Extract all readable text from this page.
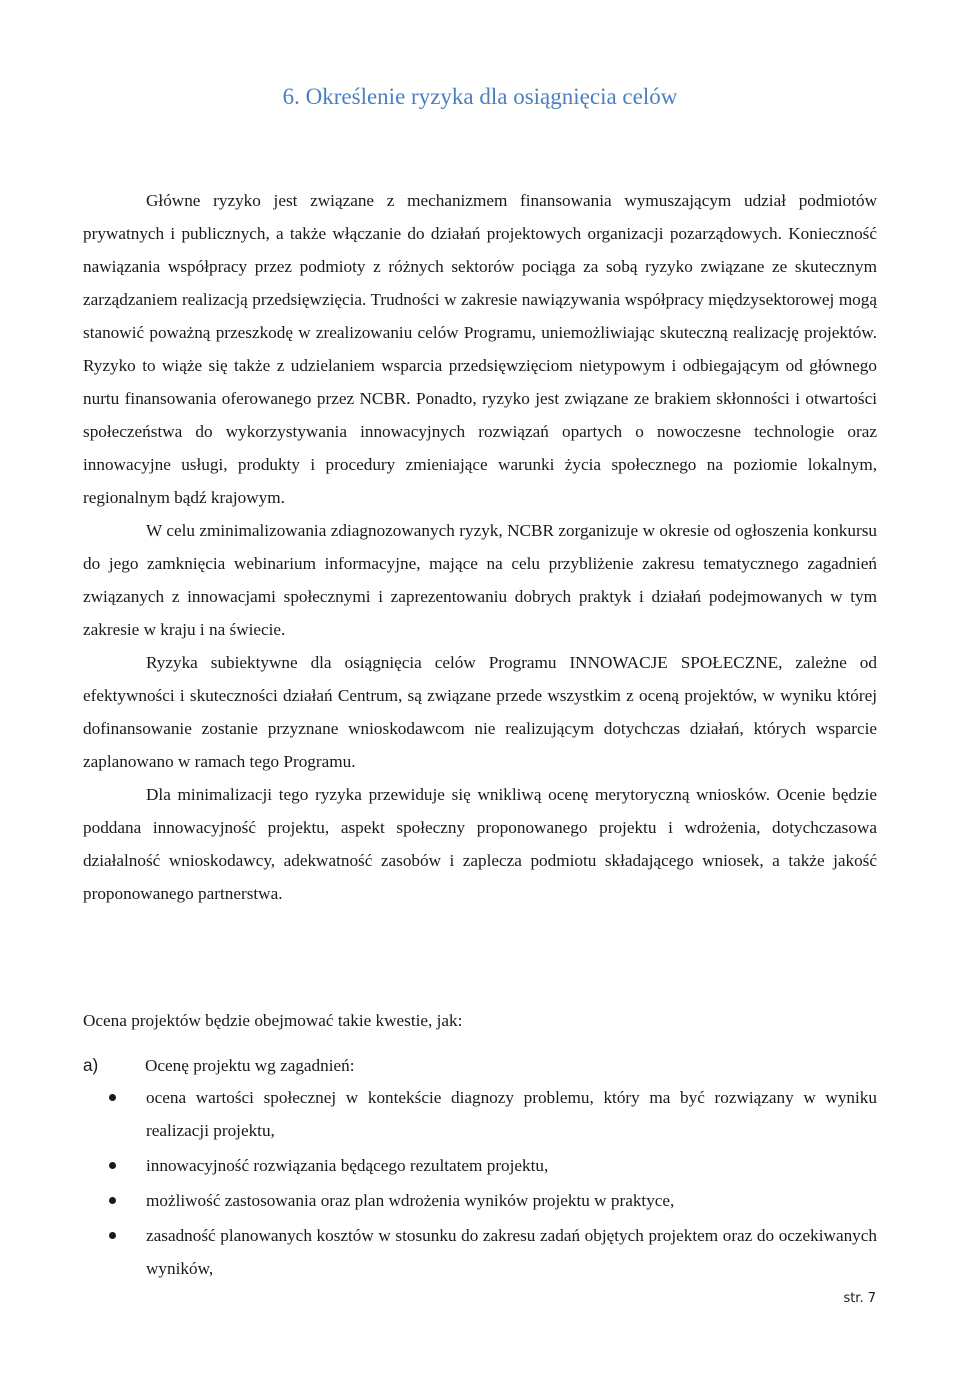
6. Określenie ryzyka dla osiągnięcia celów

Główne ryzyko jest związane z mechanizmem finansowania wymuszającym udział podmiotów prywatnych i publicznych, a także włączanie do działań projektowych organizacji pozarządowych. Konieczność nawiązania współpracy przez podmioty z różnych sektorów pociąga za sobą ryzyko związane ze skutecznym zarządzaniem realizacją przedsięwzięcia. Trudności w zakresie nawiązywania współpracy międzysektorowej mogą stanowić poważną przeszkodę w zrealizowaniu celów Programu, uniemożliwiając skuteczną realizację projektów. Ryzyko to wiąże się także z udzielaniem wsparcia przedsięwzięciom nietypowym i odbiegającym od głównego nurtu finansowania oferowanego przez NCBR. Ponadto, ryzyko jest związane ze brakiem skłonności i otwartości społeczeństwa do wykorzystywania innowacyjnych rozwiązań opartych o nowoczesne technologie oraz innowacyjne usługi, produkty i procedury zmieniające warunki życia społecznego na poziomie lokalnym, regionalnym bądź krajowym.

W celu zminimalizowania zdiagnozowanych ryzyk, NCBR zorganizuje w okresie od ogłoszenia konkursu do jego zamknięcia webinarium informacyjne, mające na celu przybliżenie zakresu tematycznego zagadnień związanych z innowacjami społecznymi i zaprezentowaniu dobrych praktyk i działań podejmowanych w tym zakresie w kraju i na świecie.

Ryzyka subiektywne dla osiągnięcia celów Programu INNOWACJE SPOŁECZNE, zależne od efektywności i skuteczności działań Centrum, są związane przede wszystkim z oceną projektów, w wyniku której dofinansowanie zostanie przyznane wnioskodawcom nie realizującym dotychczas działań, których wsparcie zaplanowano w ramach tego Programu.

Dla minimalizacji tego ryzyka przewiduje się wnikliwą ocenę merytoryczną wniosków. Ocenie będzie poddana innowacyjność projektu, aspekt społeczny proponowanego projektu i wdrożenia, dotychczasowa działalność wnioskodawcy, adekwatność zasobów i zaplecza podmiotu składającego wniosek, a także jakość proponowanego partnerstwa.

Ocena projektów będzie obejmować takie kwestie, jak:

a)	Ocenę projektu wg zagadnień:
ocena wartości społecznej w kontekście diagnozy problemu, który ma być rozwiązany w wyniku realizacji projektu,
innowacyjność rozwiązania będącego rezultatem projektu,
możliwość zastosowania oraz plan wdrożenia wyników projektu w praktyce,
zasadność planowanych kosztów w stosunku do zakresu zadań objętych projektem oraz do oczekiwanych wyników,
str. 7
